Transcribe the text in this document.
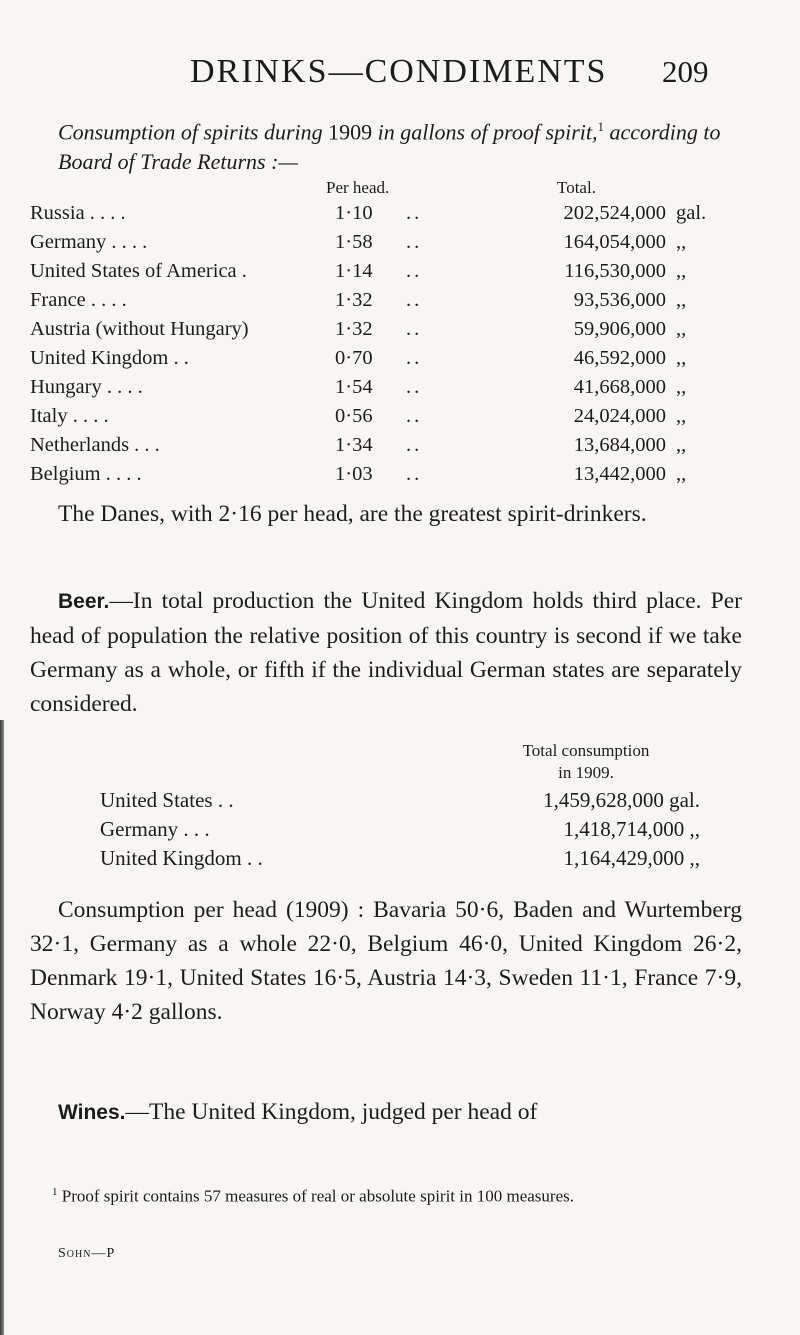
DRINKS—CONDIMENTS 209
Consumption of spirits during 1909 in gallons of proof spirit,$^1$ according to Board of Trade Returns :—
Per head.	Total.
Russia . . . .	1·10 ..	202,524,000 gal.
Germany . . . .	1·58 ..	164,054,000 ,,
United States of America .	1·14 ..	116,530,000 ,,
France . . . .	1·32 ..	93,536,000 ,,
Austria (without Hungary)	1·32 ..	59,906,000 ,,
United Kingdom . .	0·70 ..	46,592,000 ,,
Hungary . . . .	1·54 ..	41,668,000 ,,
Italy . . . .	0·56 ..	24,024,000 ,,
Netherlands . . .	1·34 ..	13,684,000 ,,
Belgium . . . .	1·03 ..	13,442,000 ,,

The Danes, with 2·16 per head, are the greatest spirit-drinkers.

Beer.—In total production the United Kingdom holds third place. Per head of population the relative position of this country is second if we take Germany as a whole, or fifth if the individual German states are separately considered.

Total consumption
in 1909.
United States . .	1,459,628,000 gal.
Germany . . .	1,418,714,000 ,,
United Kingdom . .	1,164,429,000 ,,

Consumption per head (1909) : Bavaria 50·6, Baden and Wurtemberg 32·1, Germany as a whole 22·0, Belgium 46·0, United Kingdom 26·2, Denmark 19·1, United States 16·5, Austria 14·3, Sweden 11·1, France 7·9, Norway 4·2 gallons.

Wines.—The United Kingdom, judged per head of

$^1$ Proof spirit contains 57 measures of real or absolute spirit in 100 measures.

Sohn—P
